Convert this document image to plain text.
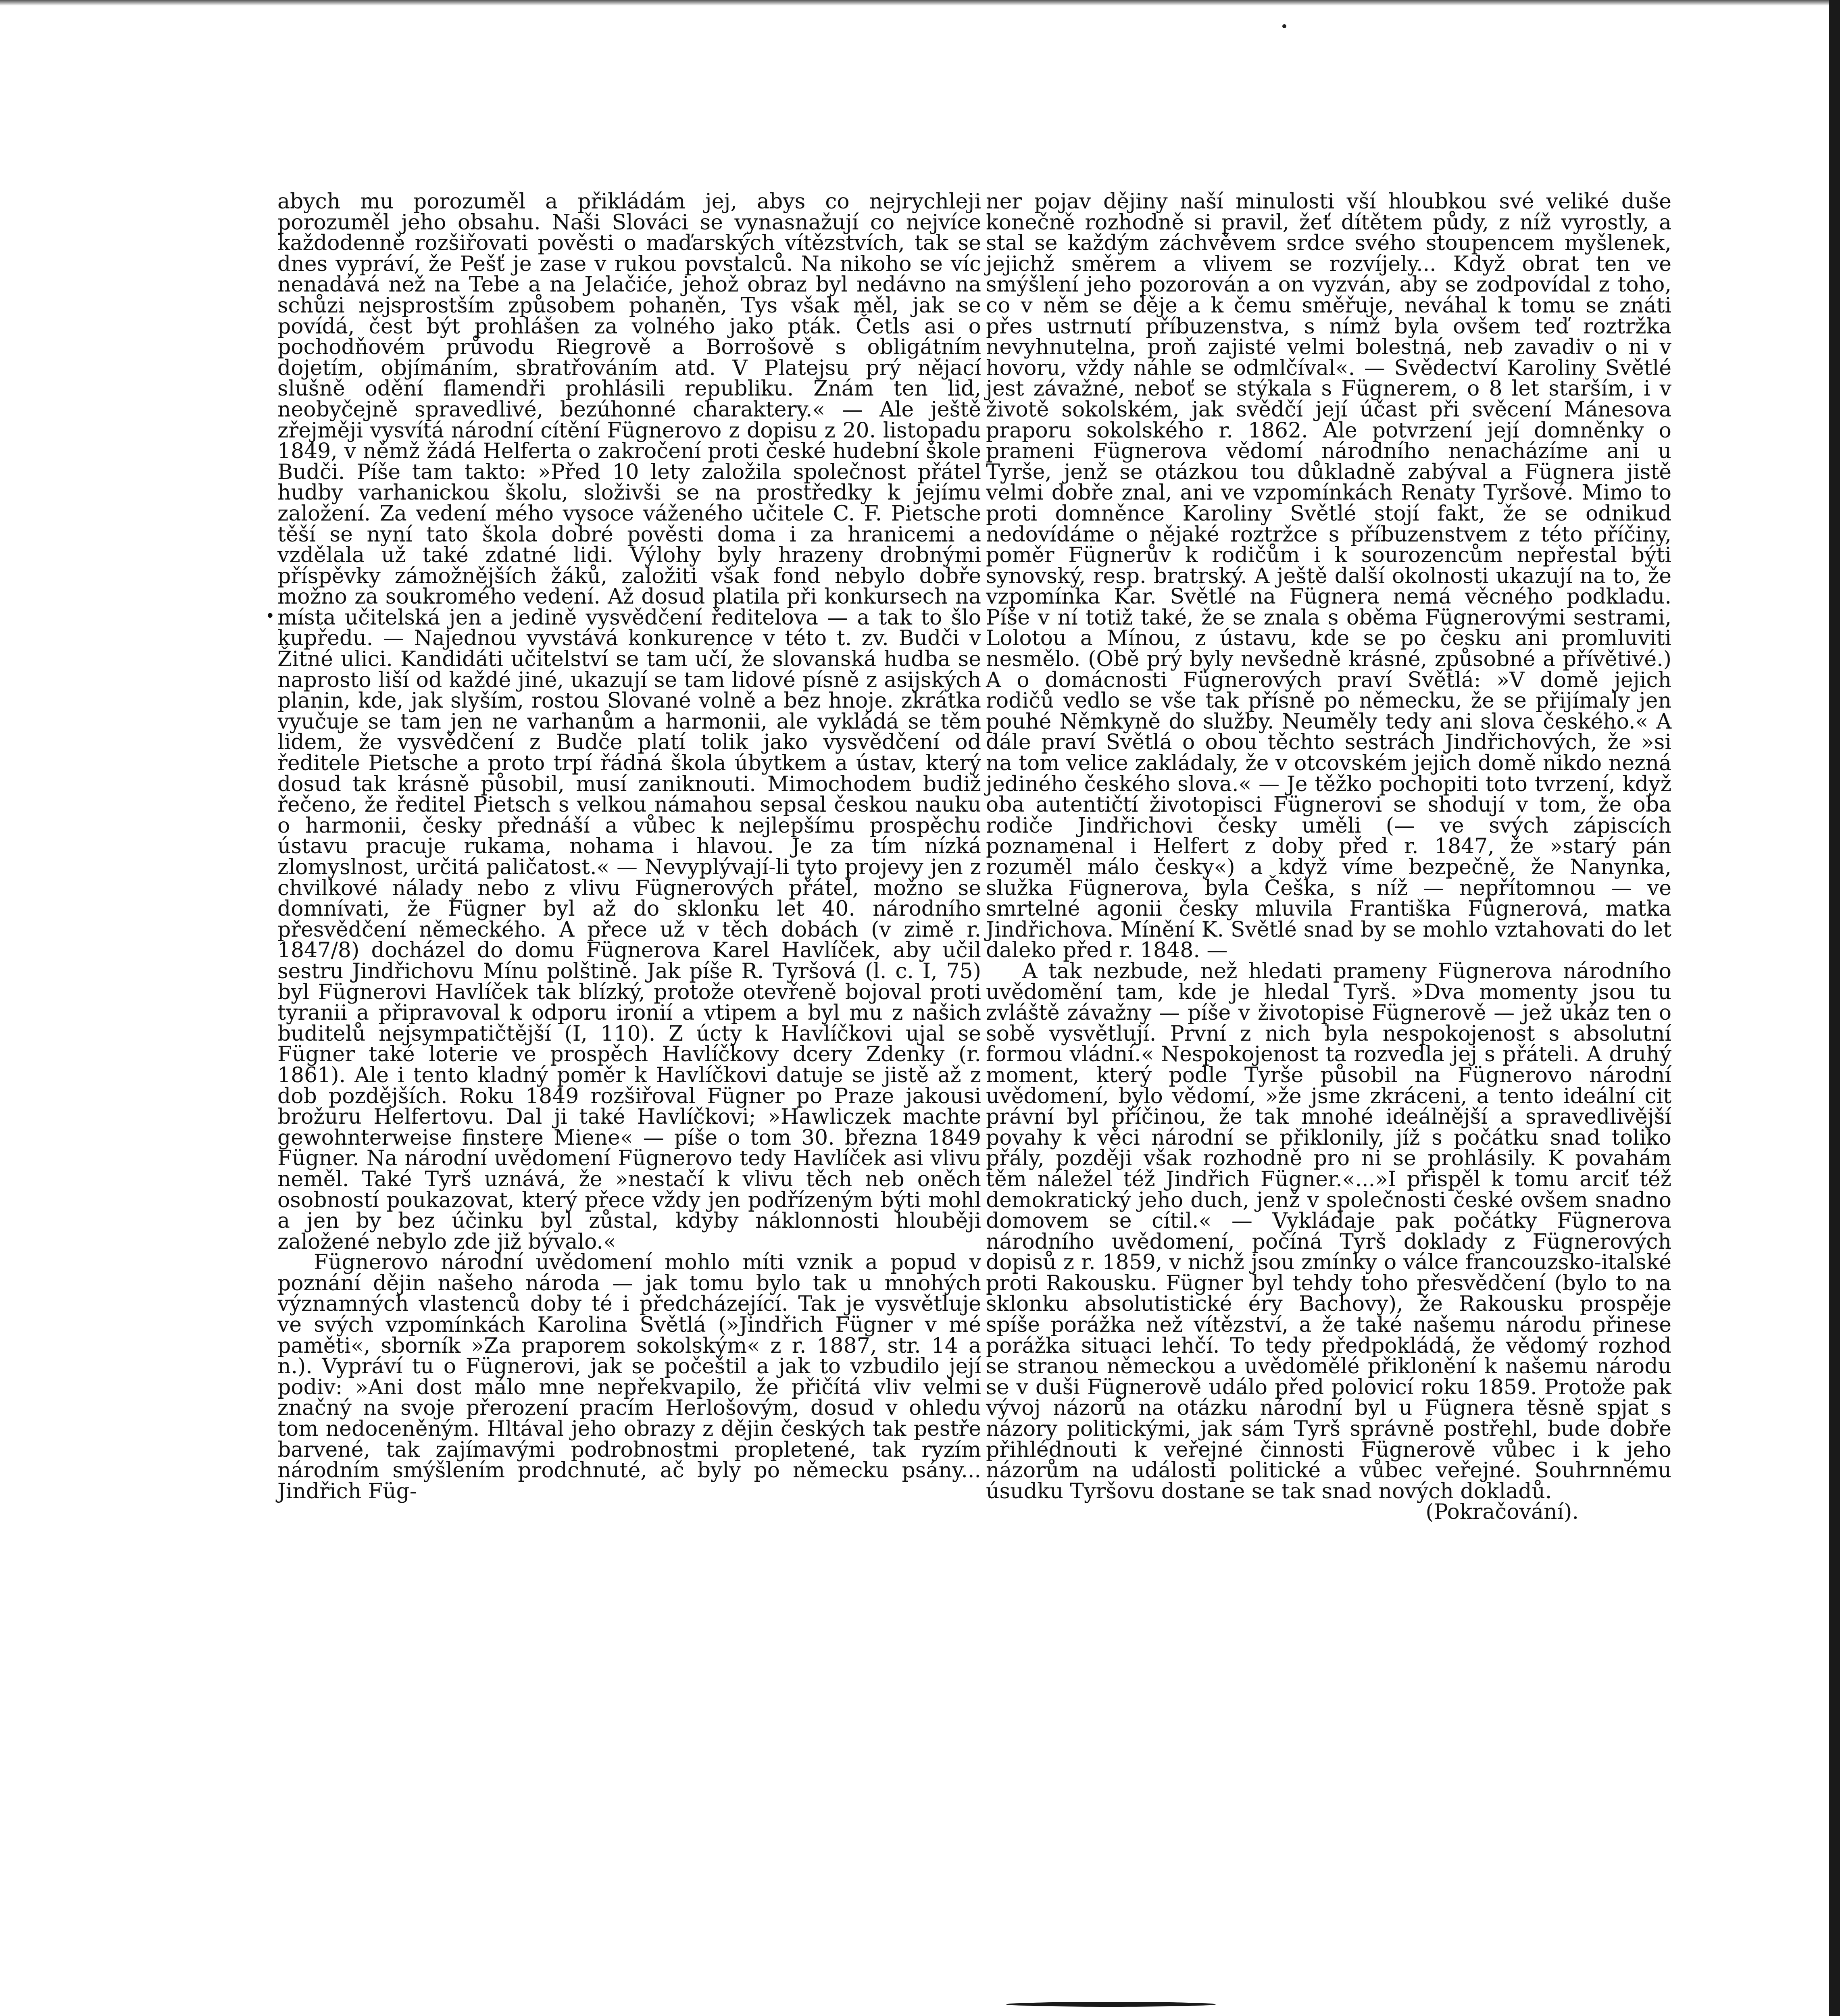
•

abych mu porozuměl a přikládám jej, abys co nejrychleji porozuměl jeho obsahu. Naši Slováci se vynasnažují co nejvíce každodenně rozšiřovati pověsti o maďarských vítězstvích, tak se dnes vypráví, že Pešť je zase v rukou povstalců. Na nikoho se víc nenadává než na Tebe a na Jelačiće, jehož obraz byl nedávno na schůzi nejsprostším způsobem pohaněn, Tys však měl, jak se povídá, čest být prohlášen za volného jako pták. Četls asi o pochodňovém průvodu Riegrově a Borrošově s obligátním dojetím, objímáním, sbratřováním atd. V Platejsu prý nějací slušně odění flamendři prohlásili republiku. Znám ten lid, neobyčejně spravedlivé, bezúhonné charaktery.« — Ale ještě zřejměji vysvítá národní cítění Fügnerovo z dopisu z 20. listopadu 1849, v němž žádá Helferta o zakročení proti české hudební škole Budči. Píše tam takto: »Před 10 lety založila společnost přátel hudby varhanickou školu, složivši se na prostředky k jejímu založení. Za vedení mého vysoce váženého učitele C. F. Pietsche těší se nyní tato škola dobré pověsti doma i za hranicemi a vzdělala už také zdatné lidi. Výlohy byly hrazeny drobnými příspěvky zámožnějších žáků, založiti však fond nebylo dobře možno za soukromého vedení. Až dosud platila při konkursech na místa učitelská jen a jedině vysvědčení ředitelova — a tak to šlo kupředu. — Najednou vyvstává konkurence v této t. zv. Budči v Žitné ulici. Kandidáti učitelství se tam učí, že slovanská hudba se naprosto liší od každé jiné, ukazují se tam lidové písně z asijských planin, kde, jak slyším, rostou Slované volně a bez hnoje. zkrátka vyučuje se tam jen ne varhanům a harmonii, ale vykládá se těm lidem, že vysvědčení z Budče platí tolik jako vysvědčení od ředitele Pietsche a proto trpí řádná škola úbytkem a ústav, který dosud tak krásně působil, musí zaniknouti. Mimochodem budiž řečeno, že ředitel Pietsch s velkou námahou sepsal českou nauku o harmonii, česky přednáší a vůbec k nejlepšímu prospěchu ústavu pracuje rukama, nohama i hlavou. Je za tím nízká zlomyslnost, určitá paličatost.« — Nevyplývají-li tyto projevy jen z chvilkové nálady nebo z vlivu Fügnerových přátel, možno se domnívati, že Fügner byl až do sklonku let 40. národního přesvědčení německého. A přece už v těch dobách (v zimě r. 1847/8) docházel do domu Fügnerova Karel Havlíček, aby učil sestru Jindřichovu Mínu polštině. Jak píše R. Tyršová (l. c. I, 75) byl Fügnerovi Havlíček tak blízký, protože otevřeně bojoval proti tyranii a připravoval k odporu ironií a vtipem a byl mu z našich buditelů nejsympatičtější (I, 110). Z úcty k Havlíčkovi ujal se Fügner také loterie ve prospěch Havlíčkovy dcery Zdenky (r. 1861). Ale i tento kladný poměr k Havlíčkovi datuje se jistě až z dob pozdějších. Roku 1849 rozšiřoval Fügner po Praze jakousi brožuru Helfertovu. Dal ji také Havlíčkovi; »Hawliczek machte gewohnterweise finstere Miene« — píše o tom 30. března 1849 Fügner. Na národní uvědomení Fügnerovo tedy Havlíček asi vlivu neměl. Také Tyrš uznává, že »nestačí k vlivu těch neb oněch osobností poukazovat, který přece vždy jen podřízeným býti mohl a jen by bez účinku byl zůstal, kdyby náklonnosti hlouběji založené nebylo zde již bývalo.«

Fügnerovo národní uvědomení mohlo míti vznik a popud v poznání dějin našeho národa — jak tomu bylo tak u mnohých významných vlastenců doby té i předcházející. Tak je vysvětluje ve svých vzpomínkách Karolina Světlá (»Jindřich Fügner v mé paměti«, sborník »Za praporem sokolským« z r. 1887, str. 14 a n.). Vypráví tu o Fügnerovi, jak se počeštil a jak to vzbudilo její podiv: »Ani dost málo mne nepřekvapilo, že přičítá vliv velmi značný na svoje přerození pracím Herlošovým, dosud v ohledu tom nedoceněným. Hltával jeho obrazy z dějin českých tak pestře barvené, tak zajímavými podrobnostmi propletené, tak ryzím národním smýšlením prodchnuté, ač byly po německu psány... Jindřich Füg-

ner pojav dějiny naší minulosti vší hloubkou své veliké duše konečně rozhodně si pravil, žeť dítětem půdy, z níž vyrostly, a stal se každým záchvěvem srdce svého stoupencem myšlenek, jejichž směrem a vlivem se rozvíjely... Když obrat ten ve smýšlení jeho pozorován a on vyzván, aby se zodpovídal z toho, co v něm se děje a k čemu směřuje, neváhal k tomu se znáti přes ustrnutí příbuzenstva, s nímž byla ovšem teď roztržka nevyhnutelna, proň zajisté velmi bolestná, neb zavadiv o ni v hovoru, vždy náhle se odmlčíval«. — Svědectví Karoliny Světlé jest závažné, neboť se stýkala s Fügnerem, o 8 let starším, i v životě sokolském, jak svědčí její účast při svěcení Mánesova praporu sokolského r. 1862. Ale potvrzení její domněnky o prameni Fügnerova vědomí národního nenacházíme ani u Tyrše, jenž se otázkou tou důkladně zabýval a Fügnera jistě velmi dobře znal, ani ve vzpomínkách Renaty Tyršové. Mimo to proti domněnce Karoliny Světlé stojí fakt, že se odnikud nedovídáme o nějaké roztržce s příbuzenstvem z této příčiny, poměr Fügnerův k rodičům i k sourozencům nepřestal býti synovský, resp. bratrský. A ještě další okolnosti ukazují na to, že vzpomínka Kar. Světlé na Fügnera nemá věcného podkladu. Píše v ní totiž také, že se znala s oběma Fügnerovými sestrami, Lolotou a Mínou, z ústavu, kde se po česku ani promluviti nesmělo. (Obě prý byly nevšedně krásné, způsobné a přívětivé.) A o domácnosti Fügnerových praví Světlá: »V domě jejich rodičů vedlo se vše tak přísně po německu, že se přijímaly jen pouhé Němkyně do služby. Neuměly tedy ani slova českého.« A dále praví Světlá o obou těchto sestrách Jindřichových, že »si na tom velice zakládaly, že v otcovském jejich domě nikdo nezná jediného českého slova.« — Je těžko pochopiti toto tvrzení, když oba autentičtí životopisci Fügnerovi se shodují v tom, že oba rodiče Jindřichovi česky uměli (— ve svých zápiscích poznamenal i Helfert z doby před r. 1847, že »starý pán rozuměl málo česky«) a když víme bezpečně, že Nanynka, služka Fügnerova, byla Češka, s níž — nepřítomnou — ve smrtelné agonii česky mluvila Františka Fügnerová, matka Jindřichova. Mínění K. Světlé snad by se mohlo vztahovati do let daleko před r. 1848. —

A tak nezbude, než hledati prameny Fügnerova národního uvědomění tam, kde je hledal Tyrš. »Dva momenty jsou tu zvláště závažny — píše v životopise Fügnerově — jež ukáz ten o sobě vysvětlují. První z nich byla nespokojenost s absolutní formou vládní.« Nespokojenost ta rozvedla jej s přáteli. A druhý moment, který podle Tyrše působil na Fügnerovo národní uvědomení, bylo vědomí, »že jsme zkráceni, a tento ideální cit právní byl příčinou, že tak mnohé ideálnější a spravedlivější povahy k věci národní se přiklonily, jíž s počátku snad toliko přály, později však rozhodně pro ni se prohlásily. K povahám těm náležel též Jindřich Fügner.«...»I přispěl k tomu arciť též demokratický jeho duch, jenž v společnosti české ovšem snadno domovem se cítil.« — Vykládaje pak počátky Fügnerova národního uvědomení, počíná Tyrš doklady z Fügnerových dopisů z r. 1859, v nichž jsou zmínky o válce francouzsko-italské proti Rakousku. Fügner byl tehdy toho přesvědčení (bylo to na sklonku absolutistické éry Bachovy), že Rakousku prospěje spíše porážka než vítězství, a že také našemu národu přinese porážka situaci lehčí. To tedy předpokládá, že vědomý rozhod se stranou německou a uvědomělé přiklonění k našemu národu se v duši Fügnerově událo před polovicí roku 1859. Protože pak vývoj názorů na otázku národní byl u Fügnera těsně spjat s názory politickými, jak sám Tyrš správně postřehl, bude dobře přihlédnouti k veřejné činnosti Fügnerově vůbec i k jeho názorům na události politické a vůbec veřejné. Souhrnnému úsudku Tyršovu dostane se tak snad nových dokladů.

(Pokračování).
